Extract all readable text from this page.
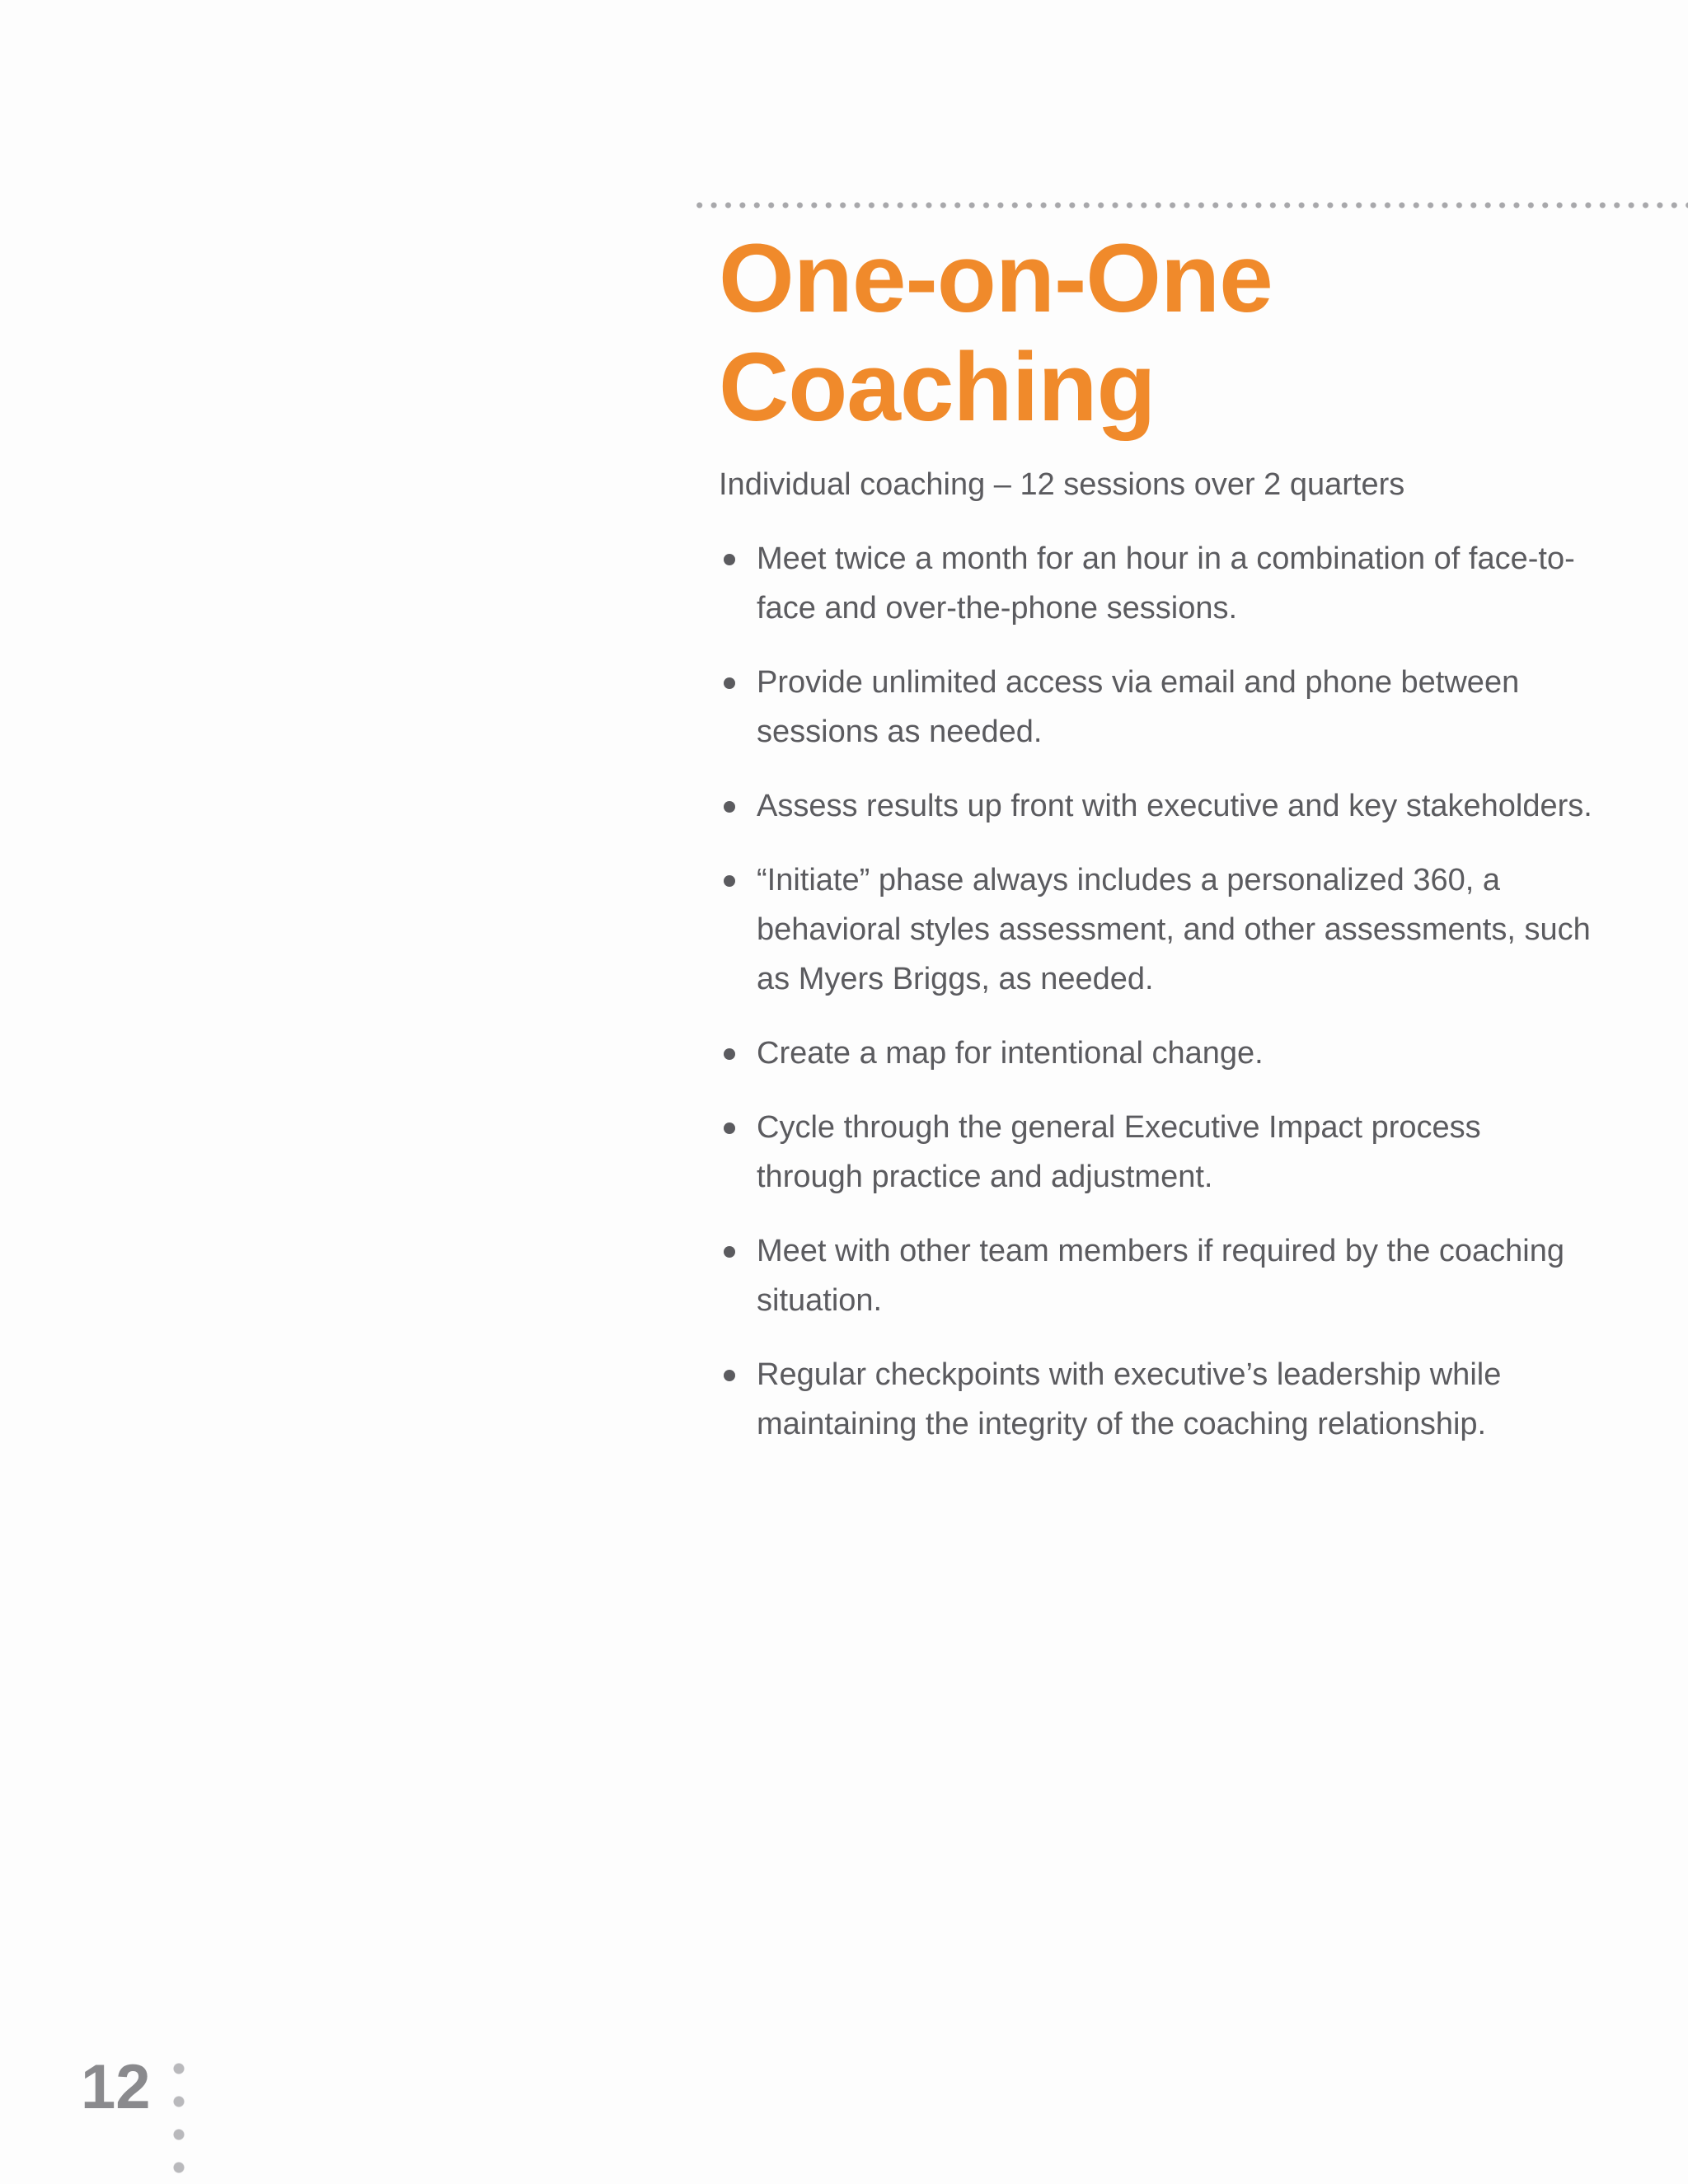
One-on-One
Coaching

Individual coaching – 12 sessions over 2 quarters

Meet twice a month for an hour in a combination of face-to-face and over-the-phone sessions.
Provide unlimited access via email and phone between sessions as needed.
Assess results up front with executive and key stakeholders.
“Initiate” phase always includes a personalized 360, a behavioral styles assessment, and other assessments, such as Myers Briggs, as needed.
Create a map for intentional change.
Cycle through the general Executive Impact process through practice and adjustment.
Meet with other team members if required by the coaching situation.
Regular checkpoints with executive’s leadership while maintaining the integrity of the coaching relationship.
12
